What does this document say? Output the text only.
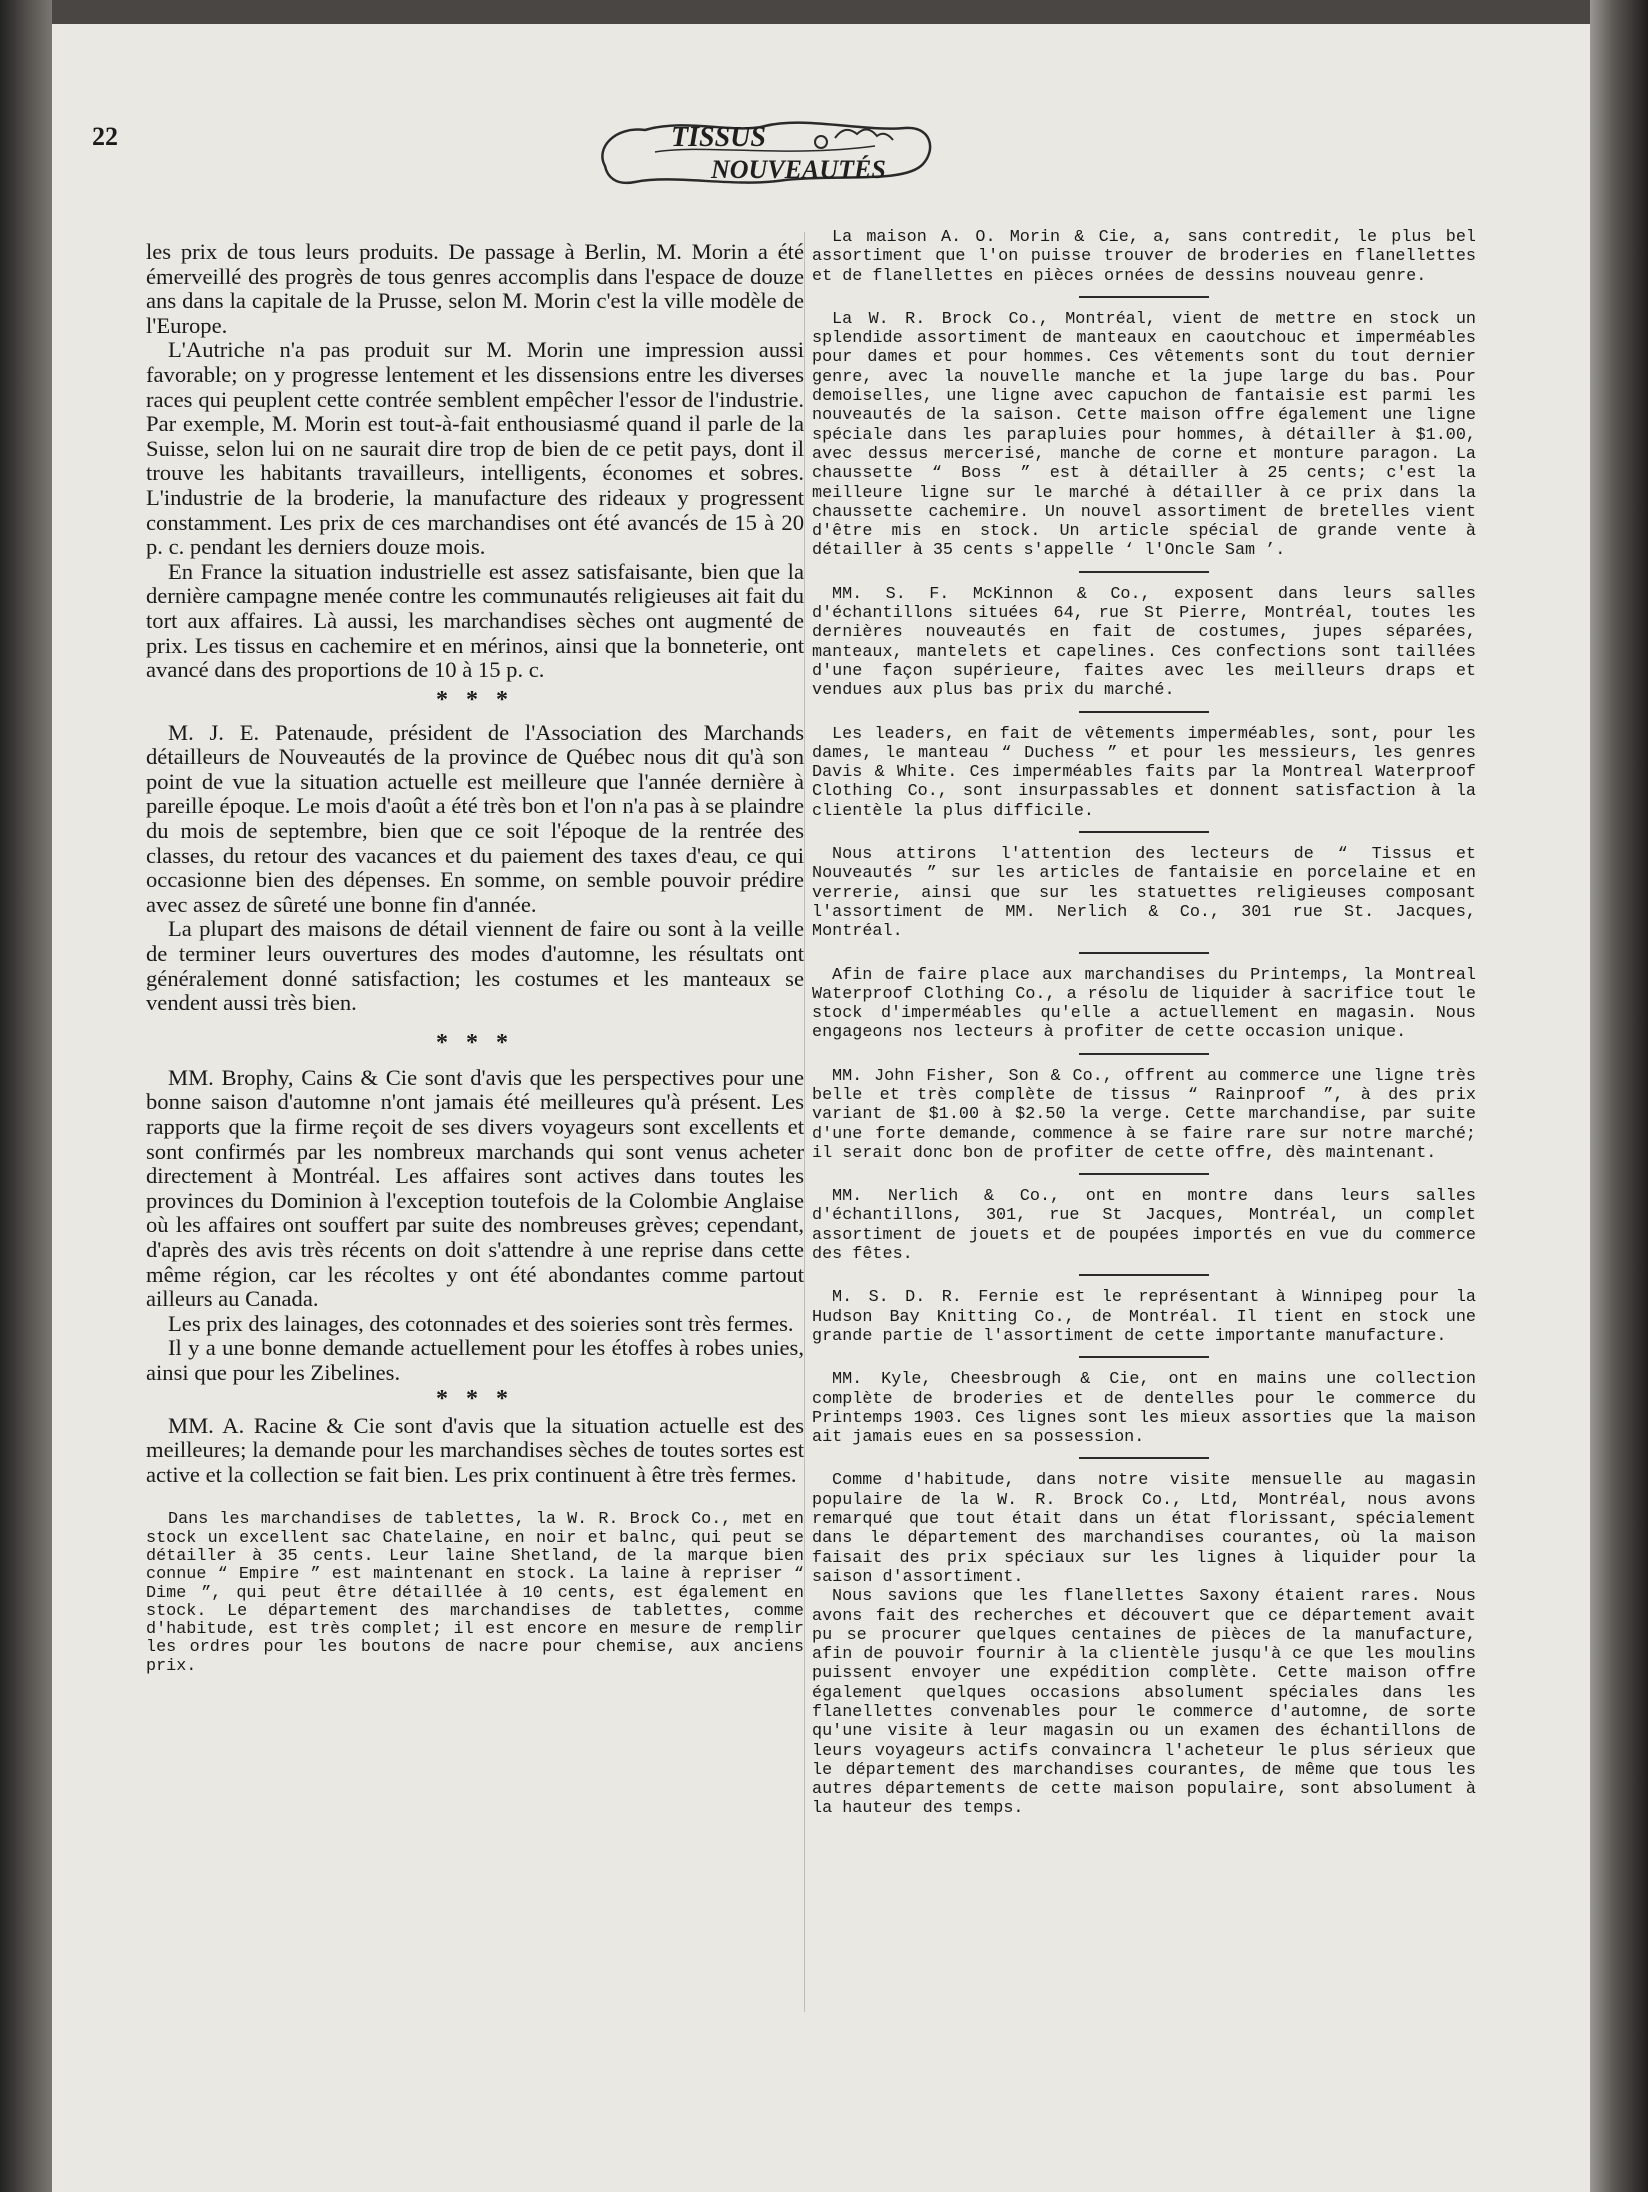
22	TISSUS
NOUVEAUTÉS

les prix de tous leurs produits. De passage à Berlin, M. Morin a été émerveillé des progrès de tous genres accomplis dans l'espace de douze ans dans la capitale de la Prusse, selon M. Morin c'est la ville modèle de l'Europe.

L'Autriche n'a pas produit sur M. Morin une impression aussi favorable; on y progresse lentement et les dissensions entre les diverses races qui peuplent cette contrée semblent empêcher l'essor de l'industrie. Par exemple, M. Morin est tout-à-fait enthousiasmé quand il parle de la Suisse, selon lui on ne saurait dire trop de bien de ce petit pays, dont il trouve les habitants travailleurs, intelligents, économes et sobres. L'industrie de la broderie, la manufacture des rideaux y progressent constamment. Les prix de ces marchandises ont été avancés de 15 à 20 p. c. pendant les derniers douze mois.

En France la situation industrielle est assez satisfaisante, bien que la dernière campagne menée contre les communautés religieuses ait fait du tort aux affaires. Là aussi, les marchandises sèches ont augmenté de prix. Les tissus en cachemire et en mérinos, ainsi que la bonneterie, ont avancé dans des proportions de 10 à 15 p. c.

* * *

M. J. E. Patenaude, président de l'Association des Marchands détailleurs de Nouveautés de la province de Québec nous dit qu'à son point de vue la situation actuelle est meilleure que l'année dernière à pareille époque. Le mois d'août a été très bon et l'on n'a pas à se plaindre du mois de septembre, bien que ce soit l'époque de la rentrée des classes, du retour des vacances et du paiement des taxes d'eau, ce qui occasionne bien des dépenses. En somme, on semble pouvoir prédire avec assez de sûreté une bonne fin d'année.

La plupart des maisons de détail viennent de faire ou sont à la veille de terminer leurs ouvertures des modes d'automne, les résultats ont généralement donné satisfaction; les costumes et les manteaux se vendent aussi très bien.

* * *

MM. Brophy, Cains & Cie sont d'avis que les perspectives pour une bonne saison d'automne n'ont jamais été meilleures qu'à présent. Les rapports que la firme reçoit de ses divers voyageurs sont excellents et sont confirmés par les nombreux marchands qui sont venus acheter directement à Montréal. Les affaires sont actives dans toutes les provinces du Dominion à l'exception toutefois de la Colombie Anglaise où les affaires ont souffert par suite des nombreuses grèves; cependant, d'après des avis très récents on doit s'attendre à une reprise dans cette même région, car les récoltes y ont été abondantes comme partout ailleurs au Canada.

Les prix des lainages, des cotonnades et des soieries sont très fermes.

Il y a une bonne demande actuellement pour les étoffes à robes unies, ainsi que pour les Zibelines.

* * *

MM. A. Racine & Cie sont d'avis que la situation actuelle est des meilleures; la demande pour les marchandises sèches de toutes sortes est active et la collection se fait bien. Les prix continuent à être très fermes.

Dans les marchandises de tablettes, la W. R. Brock Co., met en stock un excellent sac Chatelaine, en noir et balnc, qui peut se détailler à 35 cents. Leur laine Shetland, de la marque bien connue “ Empire ” est maintenant en stock. La laine à repriser “ Dime ”, qui peut être détaillée à 10 cents, est également en stock. Le département des marchandises de tablettes, comme d'habitude, est très complet; il est encore en mesure de remplir les ordres pour les boutons de nacre pour chemise, aux anciens prix.

La maison A. O. Morin & Cie, a, sans contredit, le plus bel assortiment que l'on puisse trouver de broderies en flanellettes et de flanellettes en pièces ornées de dessins nouveau genre.

La W. R. Brock Co., Montréal, vient de mettre en stock un splendide assortiment de manteaux en caoutchouc et imperméables pour dames et pour hommes. Ces vêtements sont du tout dernier genre, avec la nouvelle manche et la jupe large du bas. Pour demoiselles, une ligne avec capuchon de fantaisie est parmi les nouveautés de la saison. Cette maison offre également une ligne spéciale dans les parapluies pour hommes, à détailler à $1.00, avec dessus mercerisé, manche de corne et monture paragon. La chaussette “ Boss ” est à détailler à 25 cents; c'est la meilleure ligne sur le marché à détailler à ce prix dans la chaussette cachemire. Un nouvel assortiment de bretelles vient d'être mis en stock. Un article spécial de grande vente à détailler à 35 cents s'appelle ‘ l'Oncle Sam ’.

MM. S. F. McKinnon & Co., exposent dans leurs salles d'échantillons situées 64, rue St Pierre, Montréal, toutes les dernières nouveautés en fait de costumes, jupes séparées, manteaux, mantelets et capelines. Ces confections sont taillées d'une façon supérieure, faites avec les meilleurs draps et vendues aux plus bas prix du marché.

Les leaders, en fait de vêtements imperméables, sont, pour les dames, le manteau “ Duchess ” et pour les messieurs, les genres Davis & White. Ces imperméables faits par la Montreal Waterproof Clothing Co., sont insurpassables et donnent satisfaction à la clientèle la plus difficile.

Nous attirons l'attention des lecteurs de “ Tissus et Nouveautés ” sur les articles de fantaisie en porcelaine et en verrerie, ainsi que sur les statuettes religieuses composant l'assortiment de MM. Nerlich & Co., 301 rue St. Jacques, Montréal.

Afin de faire place aux marchandises du Printemps, la Montreal Waterproof Clothing Co., a résolu de liquider à sacrifice tout le stock d'imperméables qu'elle a actuellement en magasin. Nous engageons nos lecteurs à profiter de cette occasion unique.

MM. John Fisher, Son & Co., offrent au commerce une ligne très belle et très complète de tissus “ Rainproof ”, à des prix variant de $1.00 à $2.50 la verge. Cette marchandise, par suite d'une forte demande, commence à se faire rare sur notre marché; il serait donc bon de profiter de cette offre, dès maintenant.

MM. Nerlich & Co., ont en montre dans leurs salles d'échantillons, 301, rue St Jacques, Montréal, un complet assortiment de jouets et de poupées importés en vue du commerce des fêtes.

M. S. D. R. Fernie est le représentant à Winnipeg pour la Hudson Bay Knitting Co., de Montréal. Il tient en stock une grande partie de l'assortiment de cette importante manufacture.

MM. Kyle, Cheesbrough & Cie, ont en mains une collection complète de broderies et de dentelles pour le commerce du Printemps 1903. Ces lignes sont les mieux assorties que la maison ait jamais eues en sa possession.

Comme d'habitude, dans notre visite mensuelle au magasin populaire de la W. R. Brock Co., Ltd, Montréal, nous avons remarqué que tout était dans un état florissant, spécialement dans le département des marchandises courantes, où la maison faisait des prix spéciaux sur les lignes à liquider pour la saison d'assortiment.

Nous savions que les flanellettes Saxony étaient rares. Nous avons fait des recherches et découvert que ce département avait pu se procurer quelques centaines de pièces de la manufacture, afin de pouvoir fournir à la clientèle jusqu'à ce que les moulins puissent envoyer une expédition complète. Cette maison offre également quelques occasions absolument spéciales dans les flanellettes convenables pour le commerce d'automne, de sorte qu'une visite à leur magasin ou un examen des échantillons de leurs voyageurs actifs convaincra l'acheteur le plus sérieux que le département des marchandises courantes, de même que tous les autres départements de cette maison populaire, sont absolument à la hauteur des temps.
